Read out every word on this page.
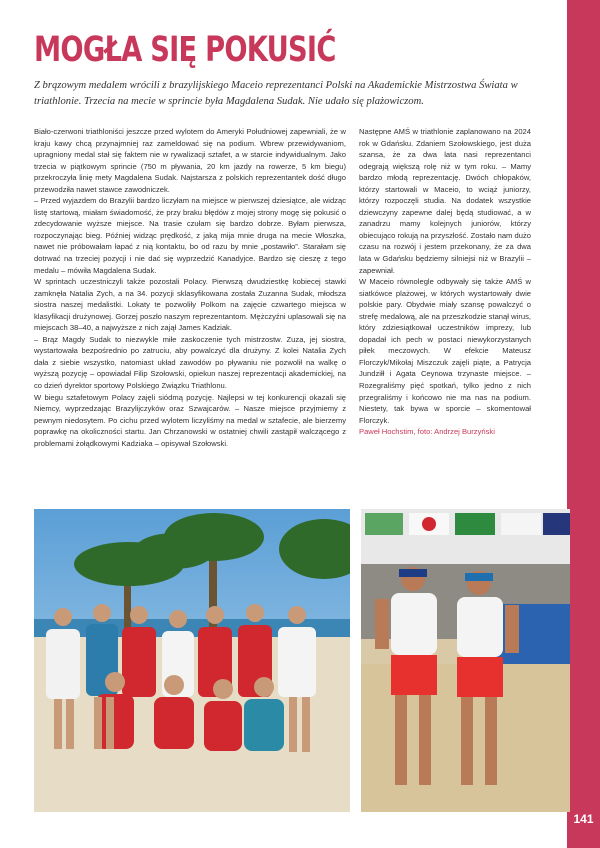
141
MOGŁA SIĘ POKUSIĆ
Z brązowym medalem wrócili z brazylijskiego Maceio reprezentanci Polski na Akademickie Mistrzostwa Świata w triathlonie. Trzecia na mecie w sprincie była Magdalena Sudak. Nie udało się plażowiczom.

Biało-czerwoni triathloniści jeszcze przed wylotem do Ameryki Południowej zapewniali, że w kraju kawy chcą przynajmniej raz zameldować się na podium. Wbrew przewidywaniom, upragniony medal stał się faktem nie w rywalizacji sztafet, a w starcie indywidualnym. Jako trzecia w piątkowym sprincie (750 m pływania, 20 km jazdy na rowerze, 5 km biegu) przekroczyła linię mety Magdalena Sudak. Najstarsza z polskich reprezentantek dość długo przewodziła nawet stawce zawodniczek.

– Przed wyjazdem do Brazylii bardzo liczyłam na miejsce w pierwszej dziesiątce, ale widząc listę startową, miałam świadomość, że przy braku błędów z mojej strony mogę się pokusić o zdecydowanie wyższe miejsce. Na trasie czułam się bardzo dobrze. Byłam pierwsza, rozpoczynając bieg. Później widząc prędkość, z jaką mija mnie druga na mecie Włoszka, nawet nie próbowałam łapać z nią kontaktu, bo od razu by mnie „postawiło”. Starałam się dotrwać na trzeciej pozycji i nie dać się wyprzedzić Kanadyjce. Bardzo się cieszę z tego medalu – mówiła Magdalena Sudak.

W sprintach uczestniczyli także pozostali Polacy. Pierwszą dwudziestkę kobiecej stawki zamknęła Natalia Zych, a na 34. pozycji sklasyfikowana została Zuzanna Sudak, młodsza siostra naszej medalistki. Lokaty te pozwoliły Polkom na zajęcie czwartego miejsca w klasyfikacji drużynowej. Gorzej poszło naszym reprezentantom. Mężczyźni uplasowali się na miejscach 38–40, a najwyższe z nich zajął James Kadziak.

– Brąz Magdy Sudak to niezwykle miłe zaskoczenie tych mistrzostw. Zuza, jej siostra, wystartowała bezpośrednio po zatruciu, aby powalczyć dla drużyny. Z kolei Natalia Zych dała z siebie wszystko, natomiast układ zawodów po pływaniu nie pozwolił na walkę o wyższą pozycję – opowiadał Filip Szołowski, opiekun naszej reprezentacji akademickiej, na co dzień dyrektor sportowy Polskiego Związku Triathlonu.

W biegu sztafetowym Polacy zajęli siódmą pozycję. Najlepsi w tej konkurencji okazali się Niemcy, wyprzedzając Brazylijczyków oraz Szwajcarów. – Nasze miejsce przyjmiemy z pewnym niedosytem. Po cichu przed wylotem liczyliśmy na medal w sztafecie, ale bierzemy poprawkę na okoliczności startu. Jan Chrzanowski w ostatniej chwili zastąpił walczącego z problemami żołądkowymi Kadziaka – opisywał Szołowski.

Następne AMŚ w triathlonie zaplanowano na 2024 rok w Gdańsku. Zdaniem Szołowskiego, jest duża szansa, że za dwa lata nasi reprezentanci odegrają większą rolę niż w tym roku. – Mamy bardzo młodą reprezentację. Dwóch chłopaków, którzy startowali w Maceio, to wciąż juniorzy, którzy rozpoczęli studia. Na dodatek wszystkie dziewczyny zapewne dalej będą studiować, a w zanadrzu mamy kolejnych juniorów, którzy obiecująco rokują na przyszłość. Zostało nam dużo czasu na rozwój i jestem przekonany, że za dwa lata w Gdańsku będziemy silniejsi niż w Brazylii – zapewniał.

W Maceio równolegle odbywały się także AMŚ w siatkówce plażowej, w których wystartowały dwie polskie pary. Obydwie miały szansę powalczyć o strefę medalową, ale na przeszkodzie stanął wirus, który zdziesiątkował uczestników imprezy, lub dopadał ich pech w postaci niewykorzystanych piłek meczowych. W efekcie Mateusz Florczyk/Mikołaj Miszczuk zajęli piąte, a Patrycja Jundziłł i Agata Ceynowa trzynaste miejsce. – Rozegraliśmy pięć spotkań, tylko jedno z nich przegraliśmy i końcowo nie ma nas na podium. Niestety, tak bywa w sporcie – skomentował Florczyk.

Paweł Hochstim, foto: Andrzej Burzyński
